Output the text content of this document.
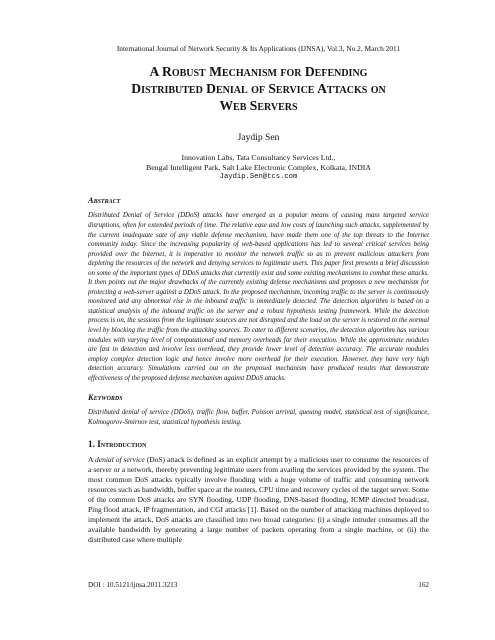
International Journal of Network Security & Its Applications (IJNSA), Vol.3, No.2, March 2011
A Robust Mechanism for Defending
Distributed Denial of Service Attacks on
Web Servers
Jaydip Sen
Innovation Labs, Tata Consultancy Services Ltd.,
Bengal Intelligent Park, Salt Lake Electronic Complex, Kolkata, INDIA
Jaydip.Sen@tcs.com
Abstract
Distributed Denial of Service (DDoS) attacks have emerged as a popular means of causing mass targeted service disruptions, often for extended periods of time. The relative ease and low costs of launching such attacks, supplemented by the current inadequate sate of any viable defense mechanism, have made them one of the top threats to the Internet community today. Since the increasing popularity of web-based applications has led to several critical services being provided over the Internet, it is imperative to monitor the network traffic so as to prevent malicious attackers from depleting the resources of the network and denying services to legitimate users. This paper first presents a brief discussion on some of the important types of DDoS attacks that currently exist and some existing mechanisms to combat these attacks. It then points out the major drawbacks of the currently existing defense mechanisms and proposes a new mechanism for protecting a web-server against a DDoS attack. In the proposed mechanism, incoming traffic to the server is continuously monitored and any abnormal rise in the inbound traffic is immediately detected. The detection algorithm is based on a statistical analysis of the inbound traffic on the server and a robust hypothesis testing framework. While the detection process is on, the sessions from the legitimate sources are not disrupted and the load on the server is restored to the normal level by blocking the traffic from the attacking sources. To cater to different scenarios, the detection algorithm has various modules with varying level of computational and memory overheads for their execution. While the approximate modules are fast in detection and involve less overhead, they provide lower level of detection accuracy. The accurate modules employ complex detection logic and hence involve more overhead for their execution. However, they have very high detection accuracy. Simulations carried out on the proposed mechanism have produced results that demonstrate effectiveness of the proposed defense mechanism against DDoS attacks.
Keywords
Distributed denial of service (DDoS), traffic flow, buffer, Poisson arrival, queuing model, statistical test of significance, Kolmogorov-Smirnov test, statistical hypothesis testing.
1. Introduction
A denial of service (DoS) attack is defined as an explicit attempt by a malicious user to consume the resources of a server or a network, thereby preventing legitimate users from availing the services provided by the system. The most common DoS attacks typically involve flooding with a huge volume of traffic and consuming network resources such as bandwidth, buffer space at the routers, CPU time and recovery cycles of the target server. Some of the common DoS attacks are SYN flooding, UDP flooding, DNS-based flooding, ICMP directed broadcast, Ping flood attack, IP fragmentation, and CGI attacks [1]. Based on the number of attacking machines deployed to implement the attack, DoS attacks are classified into two broad categories: (i) a single intruder consumes all the available bandwidth by generating a large number of packets operating from a single machine, or (ii) the distributed case where multiple
DOI : 10.5121/ijnsa.2011.3213	162
